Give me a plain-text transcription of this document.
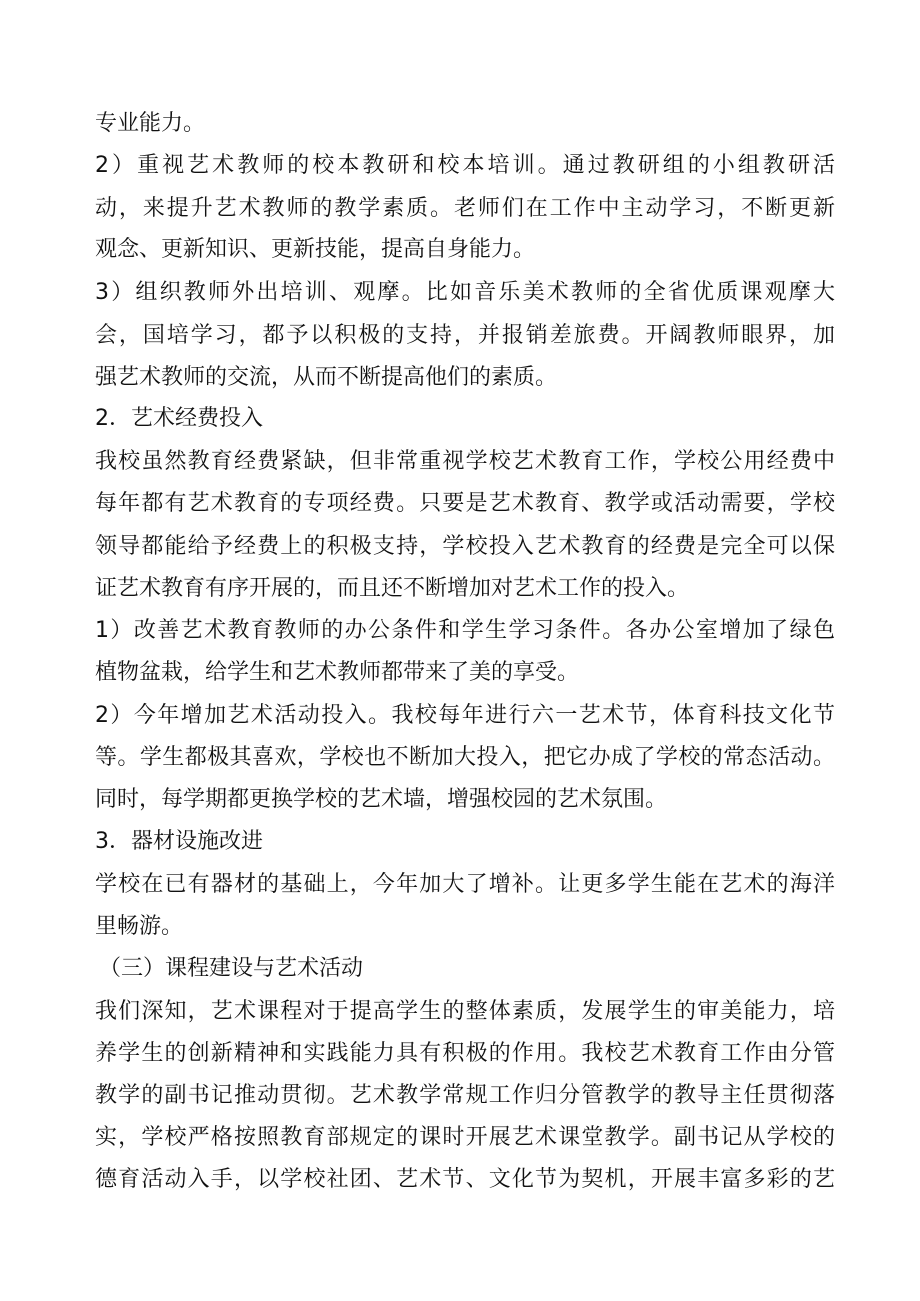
专业能力。
2）重视艺术教师的校本教研和校本培训。通过教研组的小组教研活
动，来提升艺术教师的教学素质。老师们在工作中主动学习，不断更新
观念、更新知识、更新技能，提高自身能力。
3）组织教师外出培训、观摩。比如音乐美术教师的全省优质课观摩大
会，国培学习，都予以积极的支持，并报销差旅费。开阔教师眼界，加
强艺术教师的交流，从而不断提高他们的素质。
2．艺术经费投入
我校虽然教育经费紧缺，但非常重视学校艺术教育工作，学校公用经费中
每年都有艺术教育的专项经费。只要是艺术教育、教学或活动需要，学校
领导都能给予经费上的积极支持，学校投入艺术教育的经费是完全可以保
证艺术教育有序开展的，而且还不断增加对艺术工作的投入。
1）改善艺术教育教师的办公条件和学生学习条件。各办公室增加了绿色
植物盆栽，给学生和艺术教师都带来了美的享受。
2）今年增加艺术活动投入。我校每年进行六一艺术节，体育科技文化节
等。学生都极其喜欢，学校也不断加大投入，把它办成了学校的常态活动。
同时，每学期都更换学校的艺术墙，增强校园的艺术氛围。
3．器材设施改进
学校在已有器材的基础上，今年加大了增补。让更多学生能在艺术的海洋
里畅游。
（三）课程建设与艺术活动
我们深知，艺术课程对于提高学生的整体素质，发展学生的审美能力，培
养学生的创新精神和实践能力具有积极的作用。我校艺术教育工作由分管
教学的副书记推动贯彻。艺术教学常规工作归分管教学的教导主任贯彻落
实，学校严格按照教育部规定的课时开展艺术课堂教学。副书记从学校的
德育活动入手，以学校社团、艺术节、文化节为契机，开展丰富多彩的艺
